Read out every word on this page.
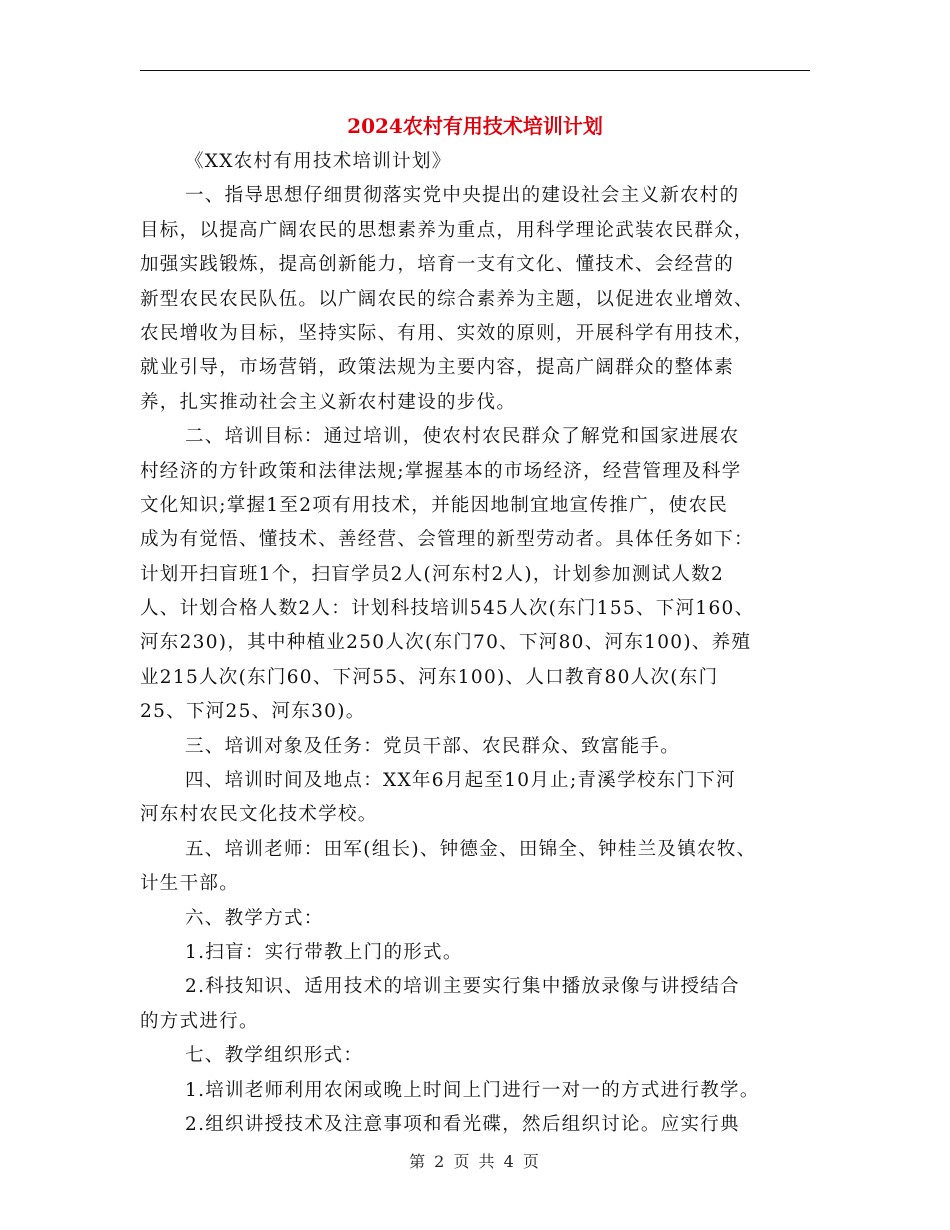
2024农村有用技术培训计划
《XX农村有用技术培训计划》
一、指导思想仔细贯彻落实党中央提出的建设社会主义新农村的
目标，以提高广阔农民的思想素养为重点，用科学理论武装农民群众，
加强实践锻炼，提高创新能力，培育一支有文化、懂技术、会经营的
新型农民农民队伍。以广阔农民的综合素养为主题，以促进农业增效、
农民增收为目标，坚持实际、有用、实效的原则，开展科学有用技术，
就业引导，市场营销，政策法规为主要内容，提高广阔群众的整体素
养，扎实推动社会主义新农村建设的步伐。
二、培训目标：通过培训，使农村农民群众了解党和国家进展农
村经济的方针政策和法律法规;掌握基本的市场经济，经营管理及科学
文化知识;掌握1至2项有用技术，并能因地制宜地宣传推广，使农民
成为有觉悟、懂技术、善经营、会管理的新型劳动者。具体任务如下：
计划开扫盲班1个，扫盲学员2人(河东村2人)，计划参加测试人数2
人、计划合格人数2人：计划科技培训545人次(东门155、下河160、
河东230)，其中种植业250人次(东门70、下河80、河东100)、养殖
业215人次(东门60、下河55、河东100)、人口教育80人次(东门
25、下河25、河东30)。
三、培训对象及任务：党员干部、农民群众、致富能手。
四、培训时间及地点：XX年6月起至10月止;青溪学校东门下河
河东村农民文化技术学校。
五、培训老师：田军(组长)、钟德金、田锦全、钟桂兰及镇农牧、
计生干部。
六、教学方式：
1.扫盲：实行带教上门的形式。
2.科技知识、适用技术的培训主要实行集中播放录像与讲授结合
的方式进行。
七、教学组织形式：
1.培训老师利用农闲或晚上时间上门进行一对一的方式进行教学。
2.组织讲授技术及注意事项和看光碟，然后组织讨论。应实行典
第 2 页 共 4 页
